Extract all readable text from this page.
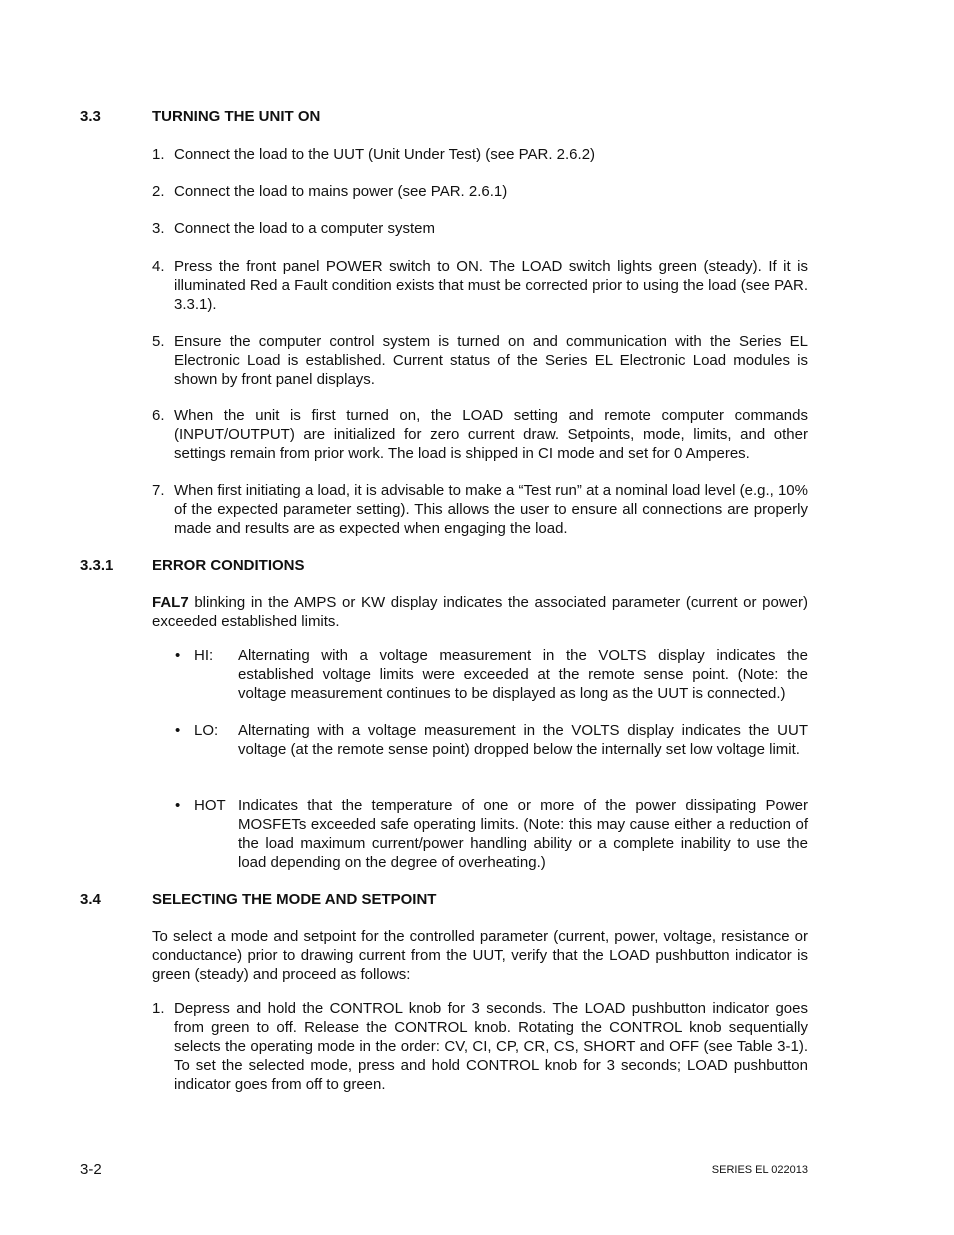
3.3	TURNING THE UNIT ON
1. Connect the load to the UUT (Unit Under Test) (see PAR. 2.6.2)
2. Connect the load to mains power (see PAR. 2.6.1)
3. Connect the load to a computer system
4. Press the front panel POWER switch to ON. The LOAD switch lights green (steady). If it is illuminated Red a Fault condition exists that must be corrected prior to using the load (see PAR. 3.3.1).
5. Ensure the computer control system is turned on and communication with the Series EL Electronic Load is established. Current status of the Series EL Electronic Load modules is shown by front panel displays.
6. When the unit is first turned on, the LOAD setting and remote computer commands (INPUT/OUTPUT) are initialized for zero current draw. Setpoints, mode, limits, and other settings remain from prior work. The load is shipped in CI mode and set for 0 Amperes.
7. When first initiating a load, it is advisable to make a “Test run” at a nominal load level (e.g., 10% of the expected parameter setting). This allows the user to ensure all connections are properly made and results are as expected when engaging the load.
3.3.1	ERROR CONDITIONS
FAL7 blinking in the AMPS or KW display indicates the associated parameter (current or power) exceeded established limits.
• HI: Alternating with a voltage measurement in the VOLTS display indicates the established voltage limits were exceeded at the remote sense point. (Note: the voltage measurement continues to be displayed as long as the UUT is connected.)
• LO: Alternating with a voltage measurement in the VOLTS display indicates the UUT voltage (at the remote sense point) dropped below the internally set low voltage limit.
• HOT Indicates that the temperature of one or more of the power dissipating Power MOSFETs exceeded safe operating limits. (Note: this may cause either a reduction of the load maximum current/power handling ability or a complete inability to use the load depending on the degree of overheating.)
3.4	SELECTING THE MODE AND SETPOINT
To select a mode and setpoint for the controlled parameter (current, power, voltage, resistance or conductance) prior to drawing current from the UUT, verify that the LOAD pushbutton indicator is green (steady) and proceed as follows:
1. Depress and hold the CONTROL knob for 3 seconds. The LOAD pushbutton indicator goes from green to off. Release the CONTROL knob. Rotating the CONTROL knob sequentially selects the operating mode in the order: CV, CI, CP, CR, CS, SHORT and OFF (see Table 3-1). To set the selected mode, press and hold CONTROL knob for 3 seconds; LOAD pushbutton indicator goes from off to green.
3-2	SERIES EL 022013
